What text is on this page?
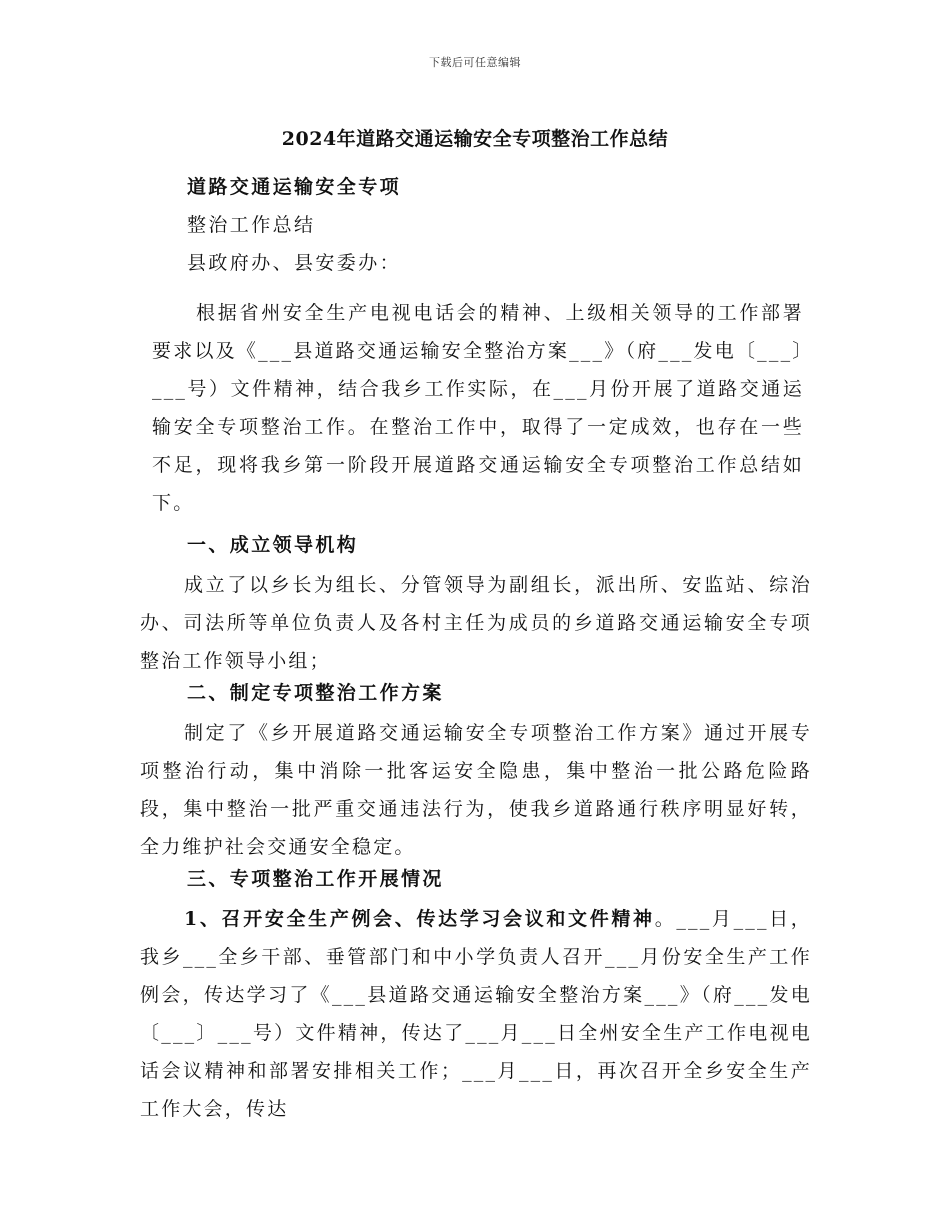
下载后可任意编辑
2024年道路交通运输安全专项整治工作总结
道路交通运输安全专项
整治工作总结
县政府办、县安委办：
根据省州安全生产电视电话会的精神、上级相关领导的工作部署要求以及《___县道路交通运输安全整治方案___》（府___发电〔___〕___号）文件精神，结合我乡工作实际，在___月份开展了道路交通运输安全专项整治工作。在整治工作中，取得了一定成效，也存在一些不足，现将我乡第一阶段开展道路交通运输安全专项整治工作总结如下。
一、成立领导机构
成立了以乡长为组长、分管领导为副组长，派出所、安监站、综治办、司法所等单位负责人及各村主任为成员的乡道路交通运输安全专项整治工作领导小组；
二、制定专项整治工作方案
制定了《乡开展道路交通运输安全专项整治工作方案》通过开展专项整治行动，集中消除一批客运安全隐患，集中整治一批公路危险路段，集中整治一批严重交通违法行为，使我乡道路通行秩序明显好转，全力维护社会交通安全稳定。
三、专项整治工作开展情况
1、召开安全生产例会、传达学习会议和文件精神。___月___日，我乡___全乡干部、垂管部门和中小学负责人召开___月份安全生产工作例会，传达学习了《___县道路交通运输安全整治方案___》（府___发电〔___〕___号）文件精神，传达了___月___日全州安全生产工作电视电话会议精神和部署安排相关工作；___月___日，再次召开全乡安全生产工作大会，传达
